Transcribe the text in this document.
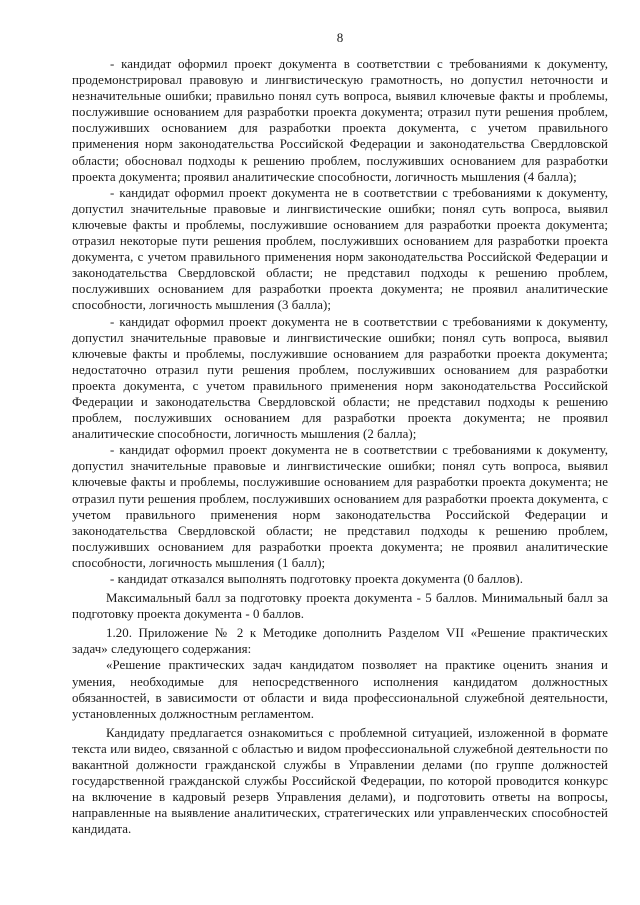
8

- кандидат оформил проект документа в соответствии с требованиями к документу, продемонстрировал правовую и лингвистическую грамотность, но допустил неточности и незначительные ошибки; правильно понял суть вопроса, выявил ключевые факты и проблемы, послужившие основанием для разработки проекта документа; отразил пути решения проблем, послуживших основанием для разработки проекта документа, с учетом правильного применения норм законодательства Российской Федерации и законодательства Свердловской области; обосновал подходы к решению проблем, послуживших основанием для разработки проекта документа; проявил аналитические способности, логичность мышления (4 балла);

- кандидат оформил проект документа не в соответствии с требованиями к документу, допустил значительные правовые и лингвистические ошибки; понял суть вопроса, выявил ключевые факты и проблемы, послужившие основанием для разработки проекта документа; отразил некоторые пути решения проблем, послуживших основанием для разработки проекта документа, с учетом правильного применения норм законодательства Российской Федерации и законодательства Свердловской области; не представил подходы к решению проблем, послуживших основанием для разработки проекта документа; не проявил аналитические способности, логичность мышления (3 балла);

- кандидат оформил проект документа не в соответствии с требованиями к документу, допустил значительные правовые и лингвистические ошибки; понял суть вопроса, выявил ключевые факты и проблемы, послужившие основанием для разработки проекта документа; недостаточно отразил пути решения проблем, послуживших основанием для разработки проекта документа, с учетом правильного применения норм законодательства Российской Федерации и законодательства Свердловской области; не представил подходы к решению проблем, послуживших основанием для разработки проекта документа; не проявил аналитические способности, логичность мышления (2 балла);

- кандидат оформил проект документа не в соответствии с требованиями к документу, допустил значительные правовые и лингвистические ошибки; понял суть вопроса, выявил ключевые факты и проблемы, послужившие основанием для разработки проекта документа; не отразил пути решения проблем, послуживших основанием для разработки проекта документа, с учетом правильного применения норм законодательства Российской Федерации и законодательства Свердловской области; не представил подходы к решению проблем, послуживших основанием для разработки проекта документа; не проявил аналитические способности, логичность мышления (1 балл);

- кандидат отказался выполнять подготовку проекта документа (0 баллов).

Максимальный балл за подготовку проекта документа - 5 баллов. Минимальный балл за подготовку проекта документа - 0 баллов.

1.20. Приложение № 2 к Методике дополнить Разделом VII «Решение практических задач» следующего содержания:

«Решение практических задач кандидатом позволяет на практике оценить знания и умения, необходимые для непосредственного исполнения кандидатом должностных обязанностей, в зависимости от области и вида профессиональной служебной деятельности, установленных должностным регламентом.

Кандидату предлагается ознакомиться с проблемной ситуацией, изложенной в формате текста или видео, связанной с областью и видом профессиональной служебной деятельности по вакантной должности гражданской службы в Управлении делами (по группе должностей государственной гражданской службы Российской Федерации, по которой проводится конкурс на включение в кадровый резерв Управления делами), и подготовить ответы на вопросы, направленные на выявление аналитических, стратегических или управленческих способностей кандидата.
